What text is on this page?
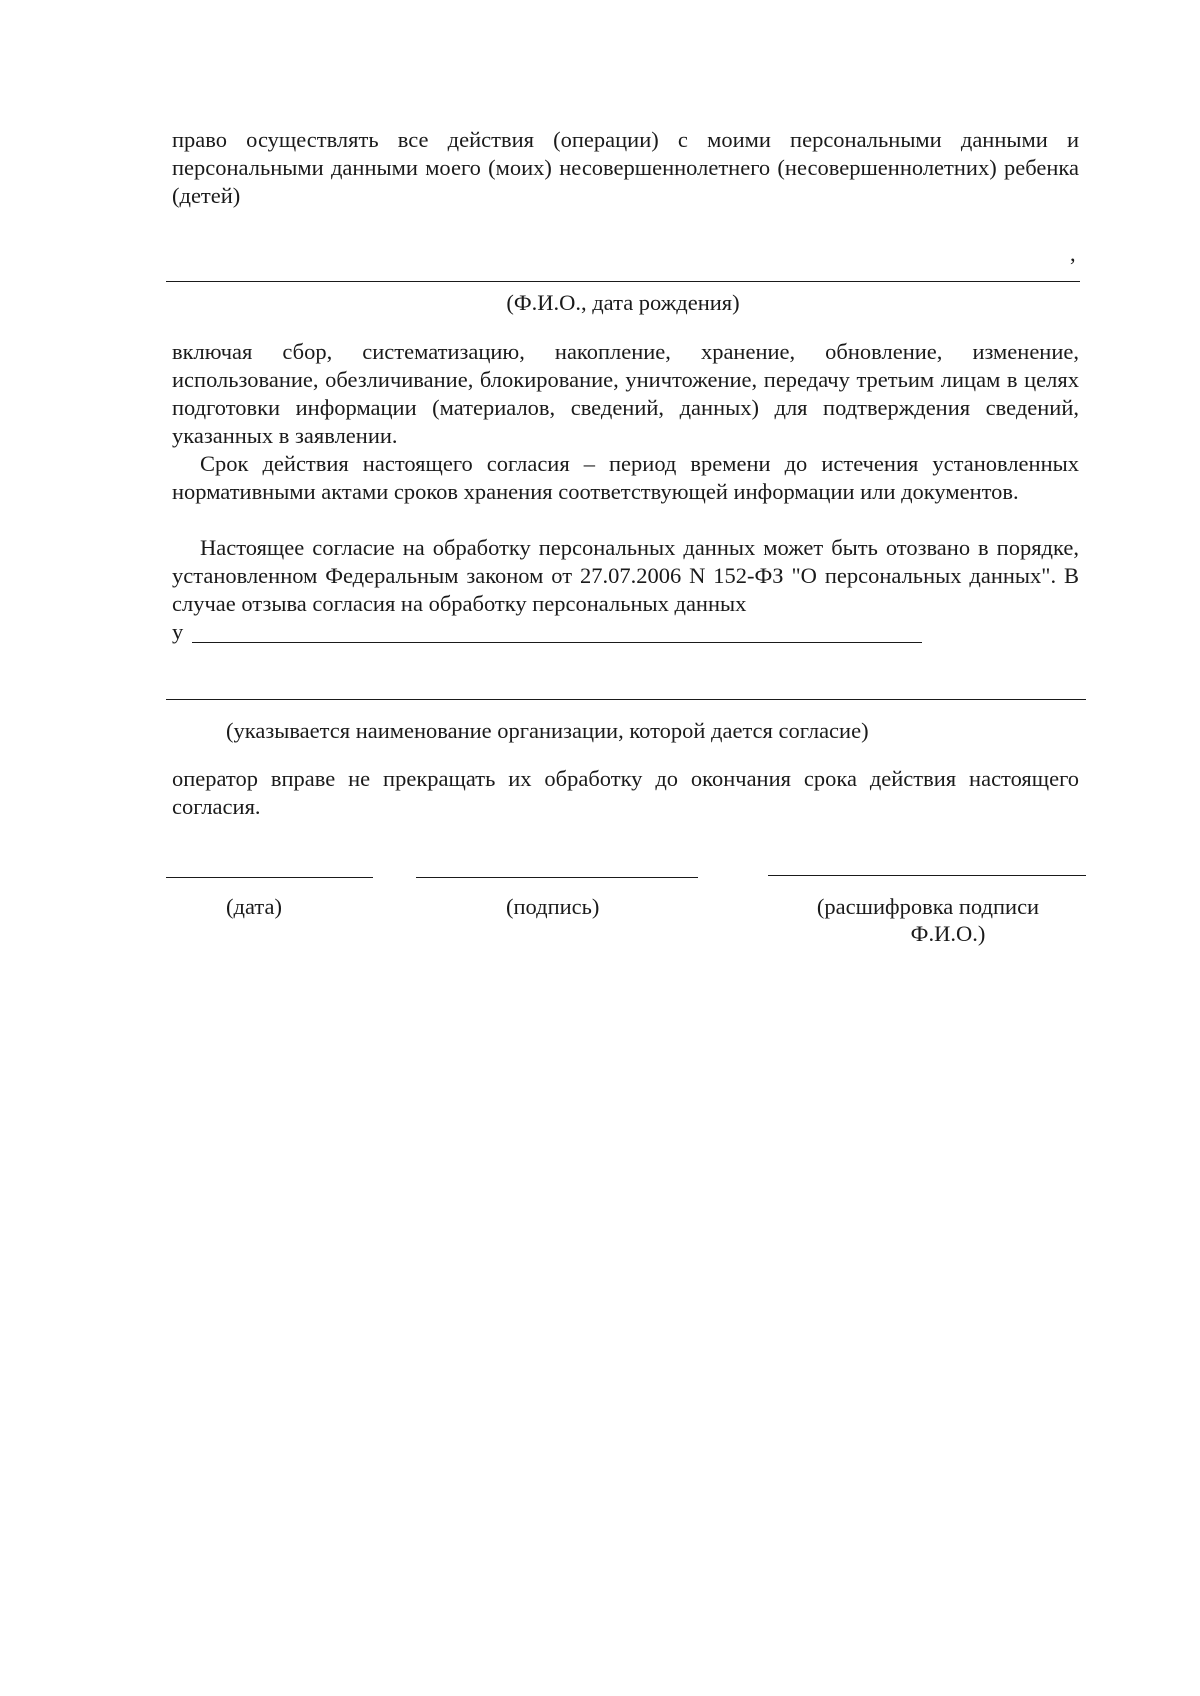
право осуществлять все действия (операции) с моими персональными данными и персональными данными моего (моих) несовершеннолетнего (несовершеннолетних) ребенка (детей)

,
(Ф.И.О., дата рождения)

включая сбор, систематизацию, накопление, хранение, обновление, изменение, использование, обезличивание, блокирование, уничтожение, передачу третьим лицам в целях подготовки информации (материалов, сведений, данных) для подтверждения сведений, указанных в заявлении.

Срок действия настоящего согласия – период времени до истечения установленных нормативными актами сроков хранения соответствующей информации или документов.

Настоящее согласие на обработку персональных данных может быть отозвано в порядке, установленном Федеральным законом от 27.07.2006 N 152-ФЗ "О персональных данных". В случае отзыва согласия на обработку персональных данных

у
(указывается наименование организации, которой дается согласие)

оператор вправе не прекращать их обработку до окончания срока действия настоящего согласия.

(дата)	(подпись)	(расшифровка подписи
Ф.И.О.)
